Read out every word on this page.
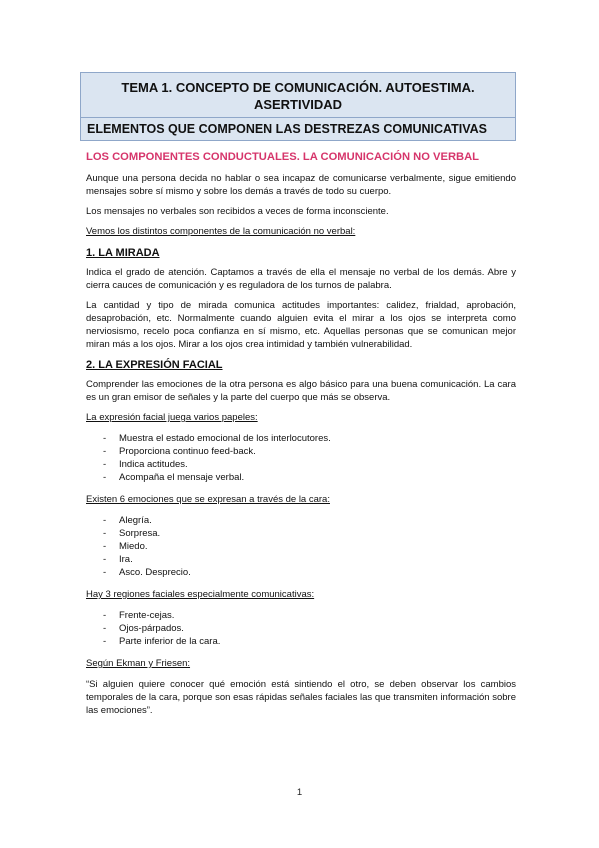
TEMA 1. CONCEPTO DE COMUNICACIÓN. AUTOESTIMA.
ASERTIVIDAD
ELEMENTOS QUE COMPONEN LAS DESTREZAS COMUNICATIVAS
LOS COMPONENTES CONDUCTUALES. LA COMUNICACIÓN NO VERBAL

Aunque una persona decida no hablar o sea incapaz de comunicarse verbalmente, sigue emitiendo mensajes sobre sí mismo y sobre los demás a través de todo su cuerpo.

Los mensajes no verbales son recibidos a veces de forma inconsciente.

Vemos los distintos componentes de la comunicación no verbal:
1. LA MIRADA

Indica el grado de atención. Captamos a través de ella el mensaje no verbal de los demás. Abre y cierra cauces de comunicación y es reguladora de los turnos de palabra.

La cantidad y tipo de mirada comunica actitudes importantes: calidez, frialdad, aprobación, desaprobación, etc. Normalmente cuando alguien evita el mirar a los ojos se interpreta como nerviosismo, recelo poca confianza en sí mismo, etc. Aquellas personas que se comunican mejor miran más a los ojos. Mirar a los ojos crea intimidad y también vulnerabilidad.

2. LA EXPRESIÓN FACIAL

Comprender las emociones de la otra persona es algo básico para una buena comunicación. La cara es un gran emisor de señales y la parte del cuerpo que más se observa.

La expresión facial juega varios papeles:
- Muestra el estado emocional de los interlocutores.
- Proporciona continuo feed-back.
- Indica actitudes.
- Acompaña el mensaje verbal.
Existen 6 emociones que se expresan a través de la cara:
- Alegría.
- Sorpresa.
- Miedo.
- Ira.
- Asco. Desprecio.
Hay 3 regiones faciales especialmente comunicativas:
- Frente-cejas.
- Ojos-párpados.
- Parte inferior de la cara.
Según Ekman y Friesen:

“Si alguien quiere conocer qué emoción está sintiendo el otro, se deben observar los cambios temporales de la cara, porque son esas rápidas señales faciales las que transmiten información sobre las emociones”.

1
